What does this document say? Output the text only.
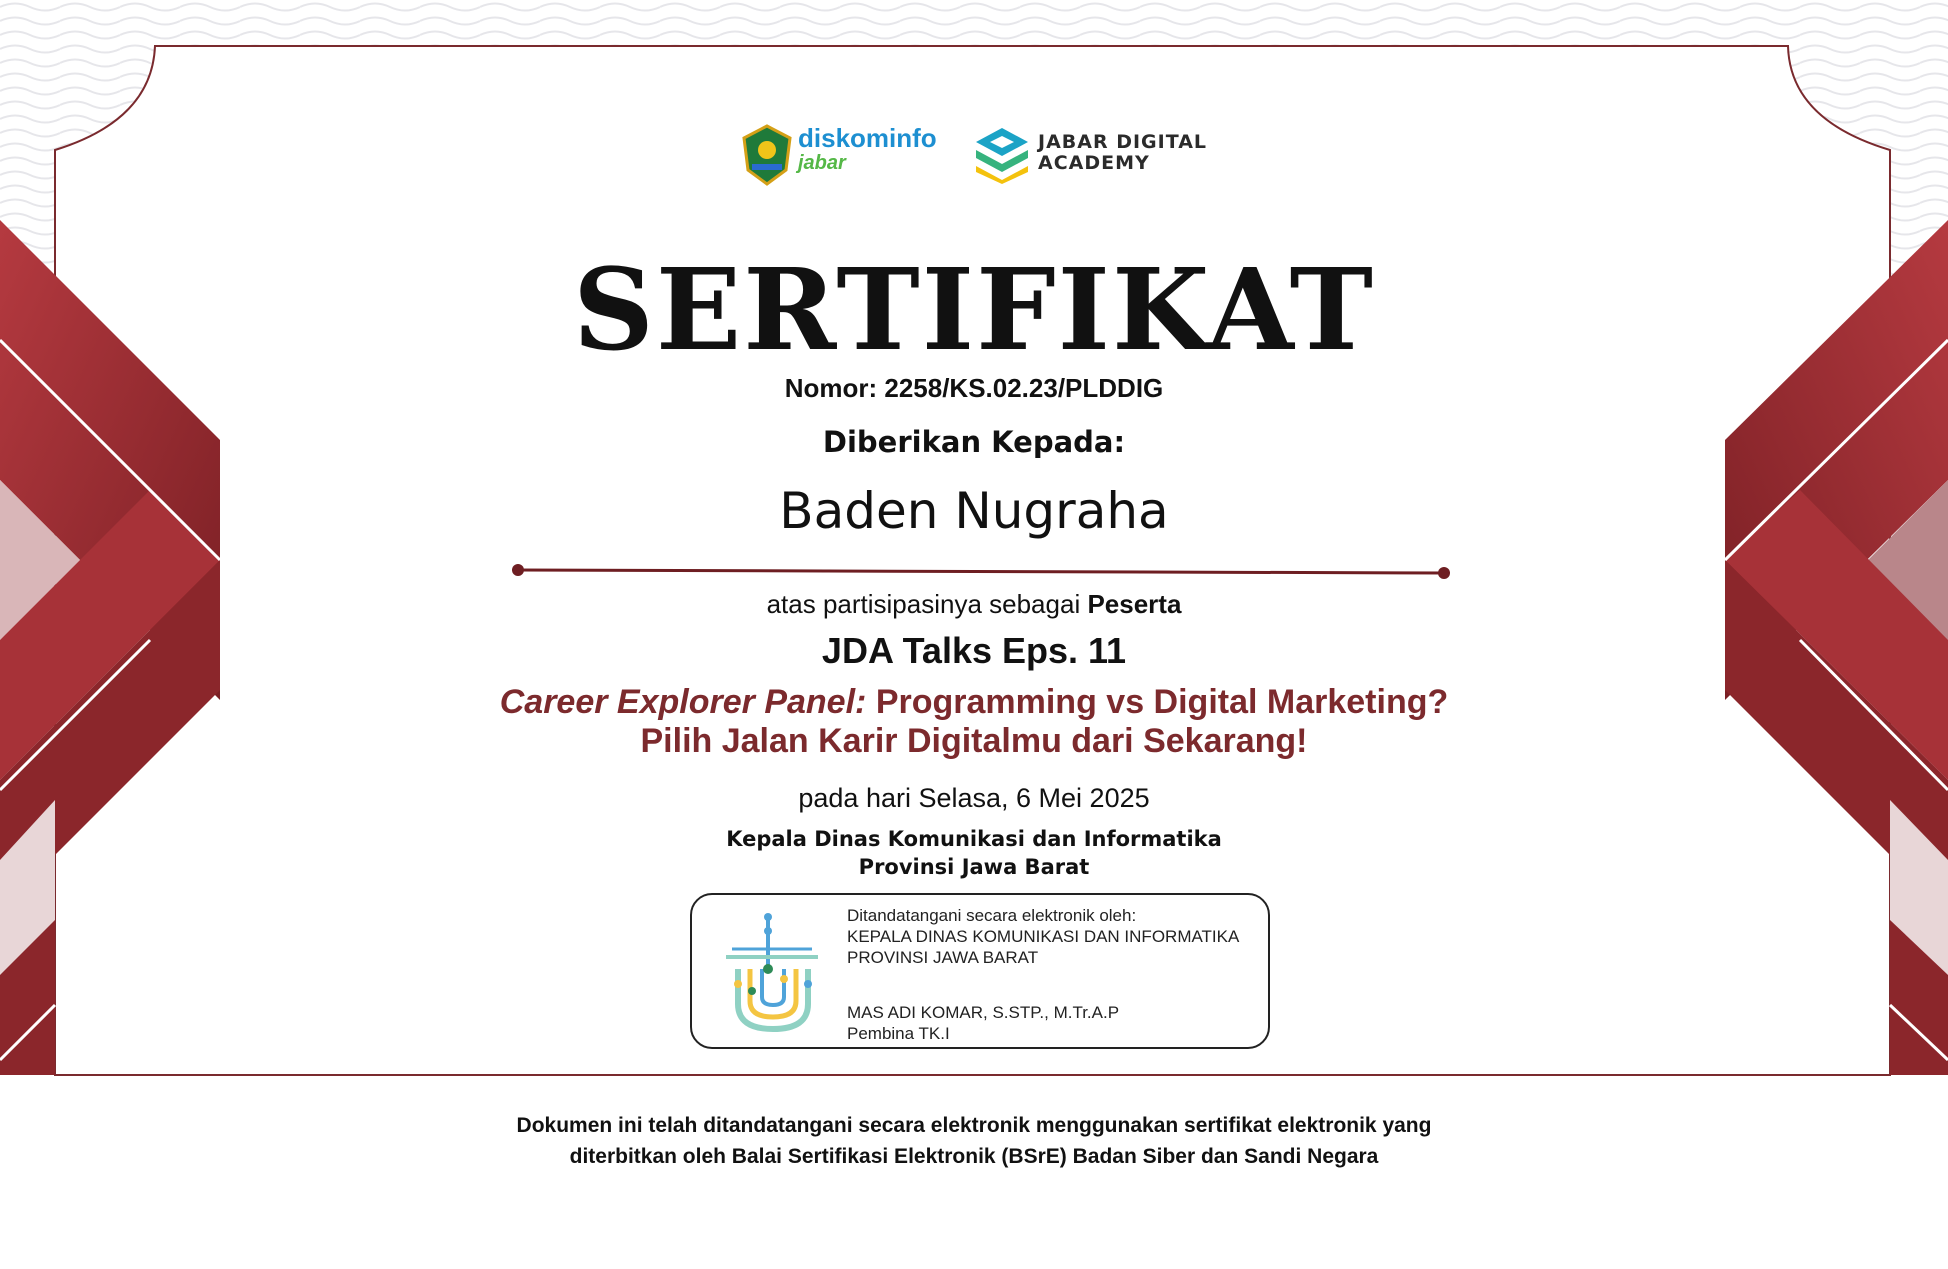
diskominfo
jabar
JABAR DIGITAL
ACADEMY
SERTIFIKAT
Nomor: 2258/KS.02.23/PLDDIG
Diberikan Kepada:
Baden Nugraha
atas partisipasinya sebagai Peserta
JDA Talks Eps. 11
Career Explorer Panel: Programming vs Digital Marketing?
Pilih Jalan Karir Digitalmu dari Sekarang!
pada hari Selasa, 6 Mei 2025
Kepala Dinas Komunikasi dan Informatika
Provinsi Jawa Barat
Ditandatangani secara elektronik oleh:
KEPALA DINAS KOMUNIKASI DAN INFORMATIKA
PROVINSI JAWA BARAT
MAS ADI KOMAR, S.STP., M.Tr.A.P
Pembina TK.I
Dokumen ini telah ditandatangani secara elektronik menggunakan sertifikat elektronik yang
diterbitkan oleh Balai Sertifikasi Elektronik (BSrE) Badan Siber dan Sandi Negara
